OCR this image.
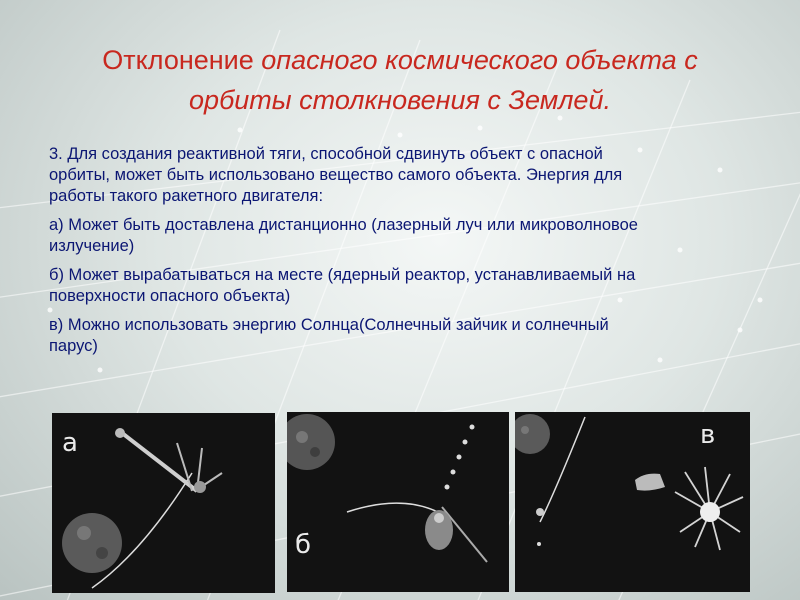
Отклонение опасного космического объекта с
орбиты столкновения с Землей.

3. Для создания реактивной тяги, способной сдвинуть объект с опасной орбиты, может быть использовано вещество самого объекта. Энергия для работы такого ракетного двигателя:

а) Может быть доставлена дистанционно (лазерный луч или микроволновое излучение)

б) Может вырабатываться на месте (ядерный реактор, устанавливаемый на поверхности опасного объекта)

в) Можно использовать энергию Солнца(Солнечный зайчик и солнечный парус)

а
б
в
